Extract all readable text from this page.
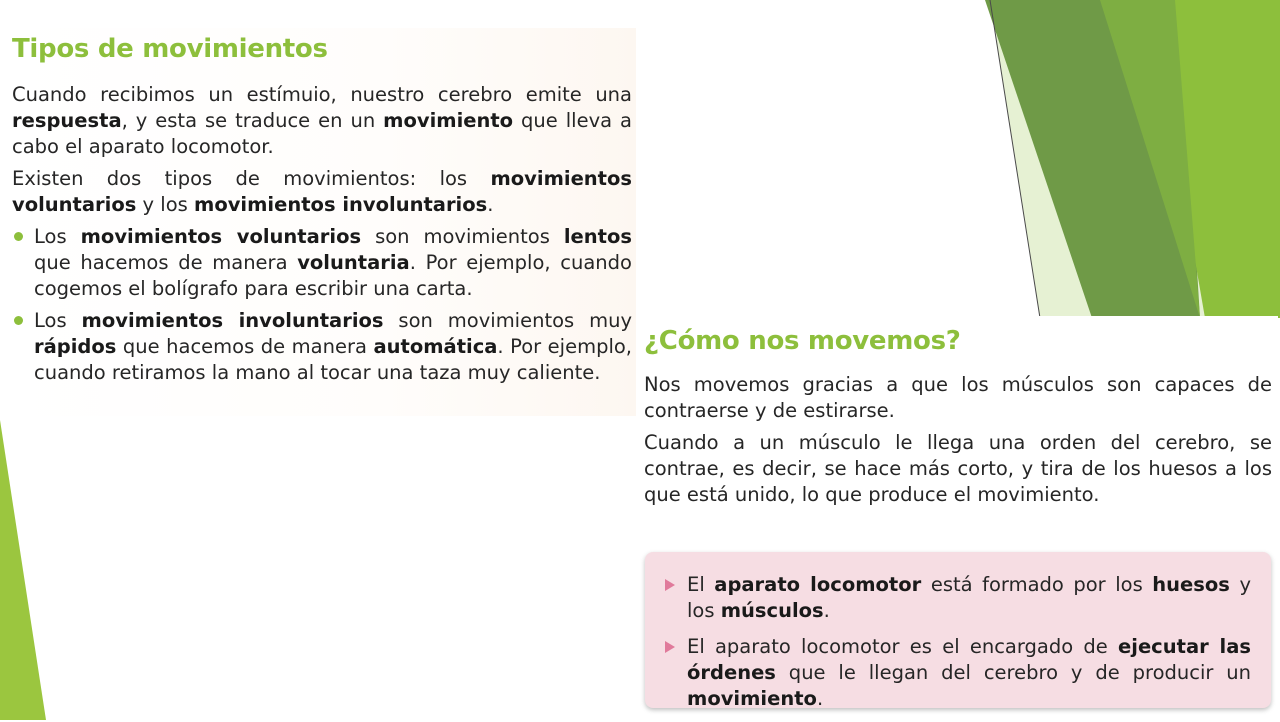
Tipos de movimientos

Cuando recibimos un estímuio, nuestro cerebro emite una respuesta, y esta se traduce en un movimiento que lleva a cabo el aparato locomotor.

Existen dos tipos de movimientos: los movimientos voluntarios y los movimientos involuntarios.

Los movimientos voluntarios son movimientos lentos que hacemos de manera voluntaria. Por ejemplo, cuando cogemos el bolígrafo para escribir una carta.
Los movimientos involuntarios son movimientos muy rápidos que hacemos de manera automática. Por ejemplo, cuando retiramos la mano al tocar una taza muy caliente.
¿Cómo nos movemos?

Nos movemos gracias a que los músculos son capaces de contraerse y de estirarse.

Cuando a un músculo le llega una orden del cerebro, se contrae, es decir, se hace más corto, y tira de los huesos a los que está unido, lo que produce el movimiento.

El aparato locomotor está formado por los huesos y los músculos.
El aparato locomotor es el encargado de ejecutar las órdenes que le llegan del cerebro y de producir un movimiento.
